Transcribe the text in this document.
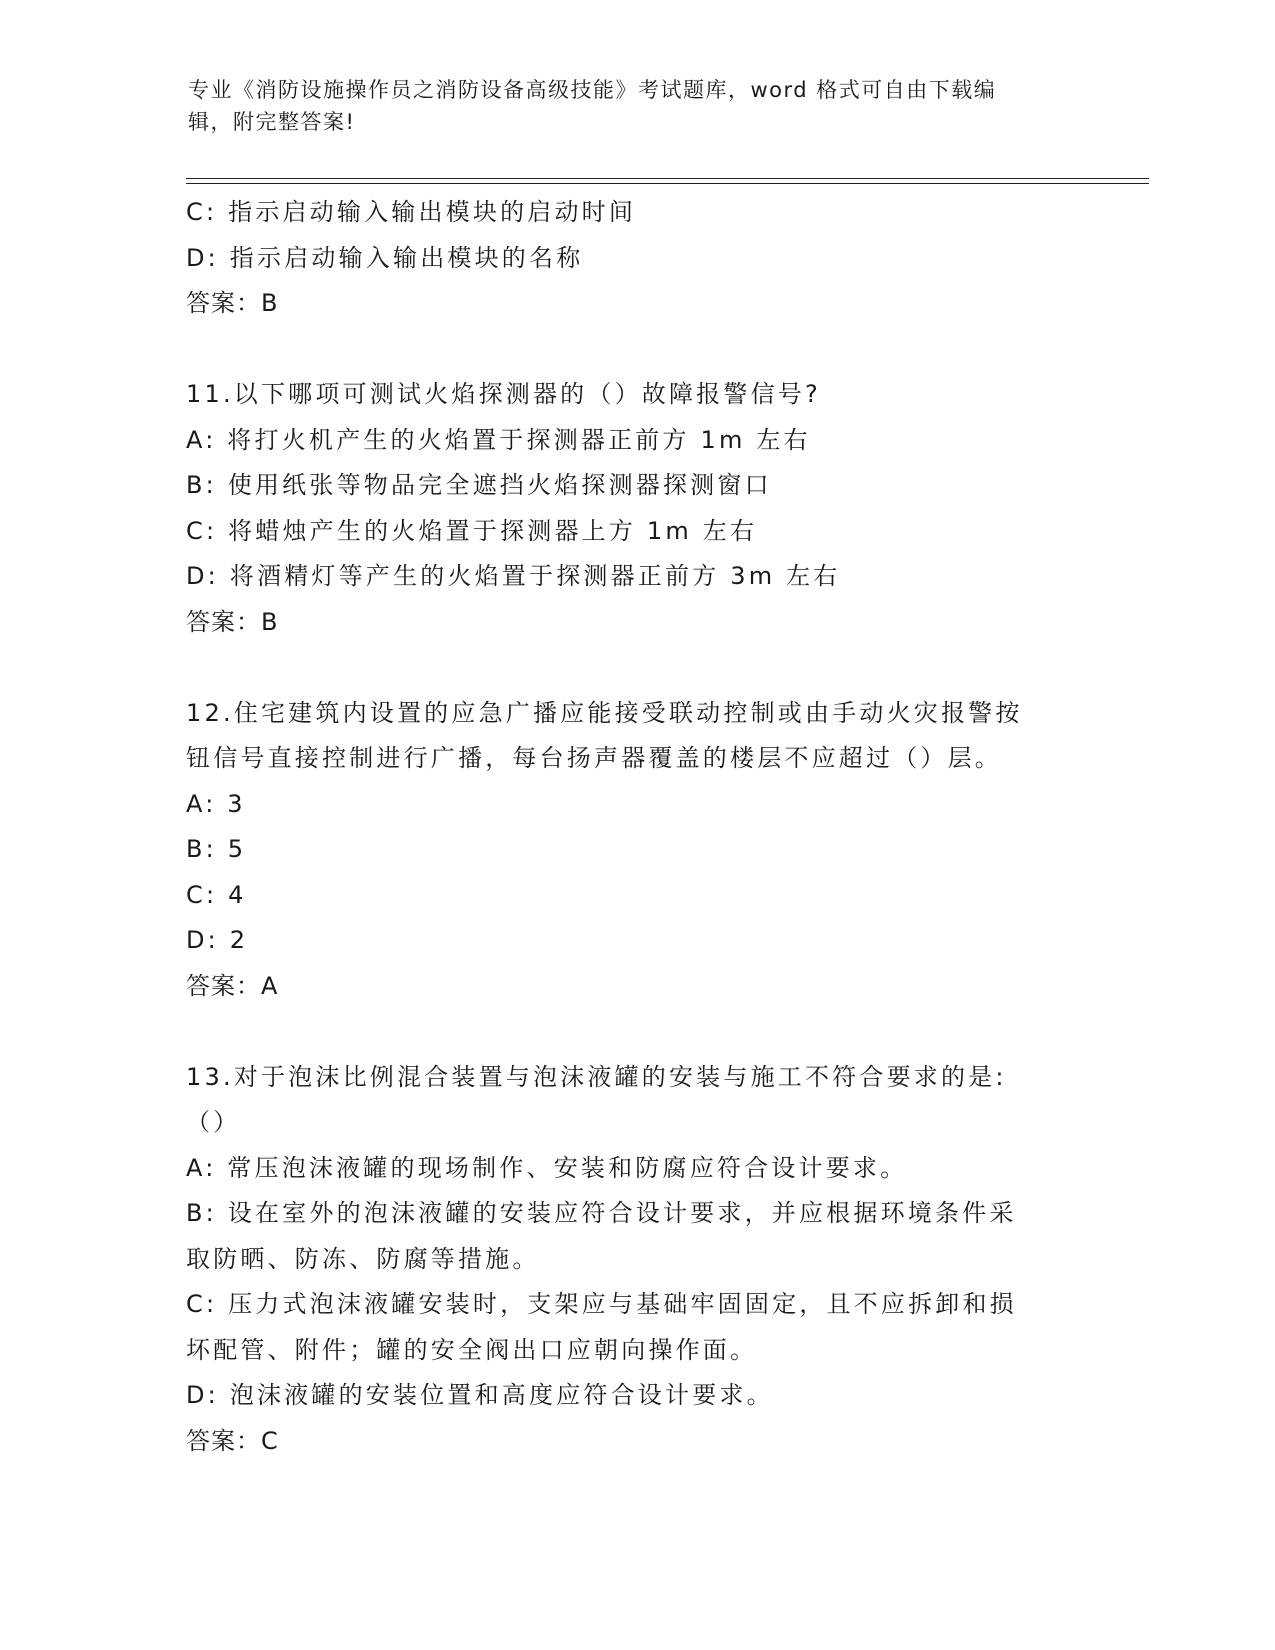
专业《消防设施操作员之消防设备高级技能》考试题库，word 格式可自由下载编
辑，附完整答案!
C: 指示启动输入输出模块的启动时间
D: 指示启动输入输出模块的名称
答案：B
11.以下哪项可测试火焰探测器的（）故障报警信号?
A: 将打火机产生的火焰置于探测器正前方 1m 左右
B: 使用纸张等物品完全遮挡火焰探测器探测窗口
C: 将蜡烛产生的火焰置于探测器上方 1m 左右
D: 将酒精灯等产生的火焰置于探测器正前方 3m 左右
答案：B
12.住宅建筑内设置的应急广播应能接受联动控制或由手动火灾报警按
钮信号直接控制进行广播，每台扬声器覆盖的楼层不应超过（）层。
A: 3
B: 5
C: 4
D: 2
答案：A
13.对于泡沫比例混合装置与泡沫液罐的安装与施工不符合要求的是:
（）
A: 常压泡沫液罐的现场制作、安装和防腐应符合设计要求。
B: 设在室外的泡沫液罐的安装应符合设计要求，并应根据环境条件采
取防晒、防冻、防腐等措施。
C: 压力式泡沫液罐安装时，支架应与基础牢固固定，且不应拆卸和损
坏配管、附件；罐的安全阀出口应朝向操作面。
D: 泡沫液罐的安装位置和高度应符合设计要求。
答案：C
